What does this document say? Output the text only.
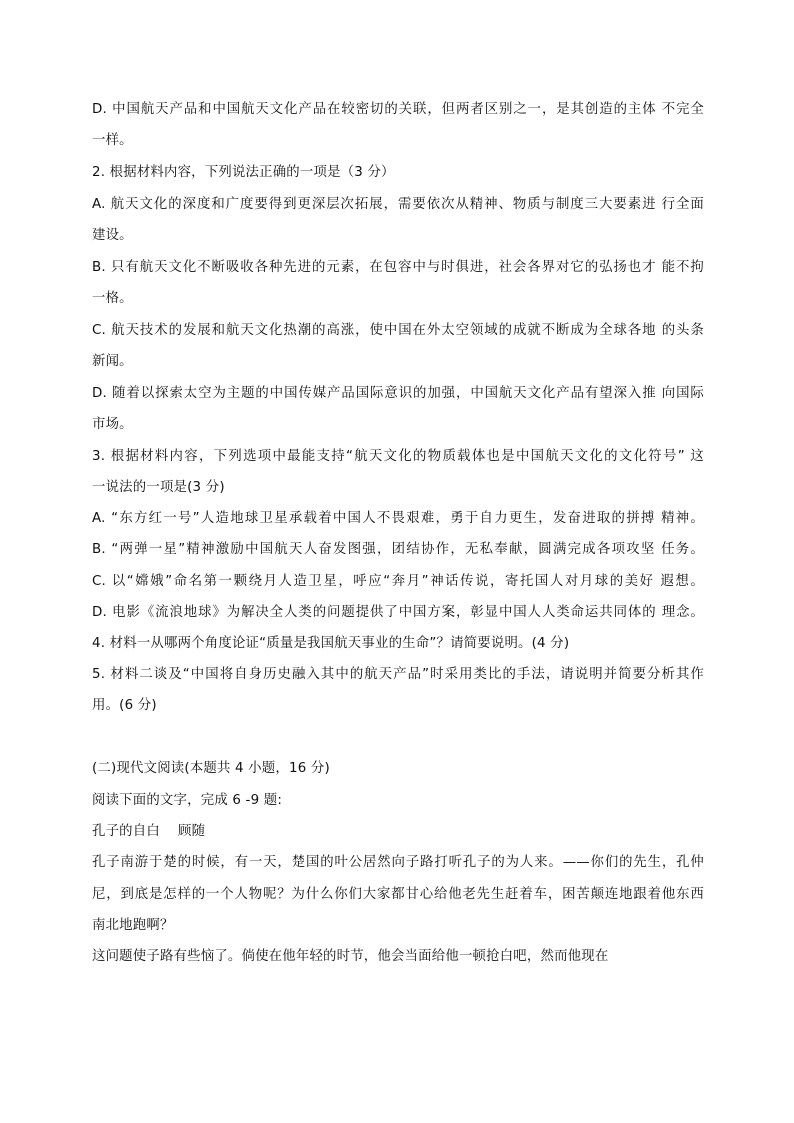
D. 中国航天产品和中国航天文化产品在较密切的关联，但两者区别之一，是其创造的主体 不完全
一样。
2. 根据材料内容，下列说法正确的一项是（3 分）
A. 航天文化的深度和广度要得到更深层次拓展，需要依次从精神、物质与制度三大要素进 行全面
建设。
B. 只有航天文化不断吸收各种先进的元素，在包容中与时俱进，社会各界对它的弘扬也才 能不拘
一格。
C. 航天技术的发展和航天文化热潮的高涨，使中国在外太空领域的成就不断成为全球各地 的头条
新闻。
D. 随着以探索太空为主题的中国传媒产品国际意识的加强，中国航天文化产品有望深入推 向国际
市场。
3. 根据材料内容，下列选项中最能支持“航天文化的物质载体也是中国航天文化的文化符号” 这
一说法的一项是(3 分)
A. “东方红一号”人造地球卫星承载着中国人不畏艰难，勇于自力更生，发奋进取的拼搏 精神。
B. “两弹一星”精神激励中国航天人奋发图强，团结协作，无私奉献，圆满完成各项攻坚 任务。
C. 以“嫦娥”命名第一颗绕月人造卫星，呼应“奔月”神话传说，寄托国人对月球的美好 遐想。
D. 电影《流浪地球》为解决全人类的问题提供了中国方案，彰显中国人人类命运共同体的 理念。
4. 材料一从哪两个角度论证“质量是我国航天事业的生命”？请简要说明。(4 分)
5. 材料二谈及“中国将自身历史融入其中的航天产品”时采用类比的手法，请说明并简要分析其作
用。(6 分)
(二)现代文阅读(本题共 4 小题，16 分)
阅读下面的文字，完成 6 -9 题:
孔子的自白　 顾随
孔子南游于楚的时候，有一天，楚国的叶公居然向子路打听孔子的为人来。——你们的先生，孔仲
尼，到底是怎样的一个人物呢？为什么你们大家都甘心给他老先生赶着车，困苦颠连地跟着他东西
南北地跑啊？
这问题使子路有些恼了。倘使在他年轻的时节，他会当面给他一顿抢白吧，然而他现在
